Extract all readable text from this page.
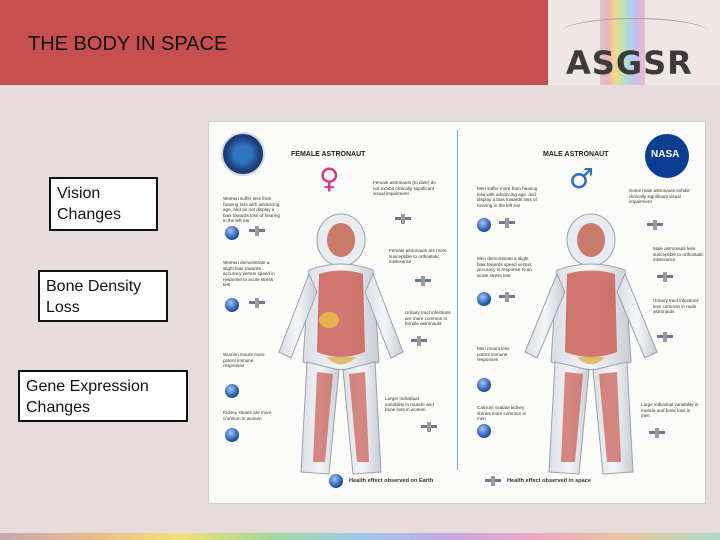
THE BODY IN SPACE	ASGSR
Vision
Changes
Bone Density
Loss
Gene Expression
Changes
NASA
FEMALE ASTRONAUT	MALE ASTRONAUT
♀	♂
Women suffer less from hearing loss with advancing age, and do not display a bias towards loss of hearing in the left ear
Women demonstrate a slight bias towards accuracy versus speed in response to acute stress test
Women mount more potent immune responses
Kidney stones are more common in women
Female astronauts (to date) do not exhibit clinically significant visual impairment
Female astronauts are more susceptible to orthostatic intolerance
Urinary tract infections are more common in female astronauts
Larger individual variability in muscle and bone loss in women
Men suffer more from hearing loss with advancing age, and display a bias towards loss of hearing in the left ear
Men demonstrate a slight bias towards speed versus accuracy in response to an acute stress test
Men mount less potent immune responses
Calcium oxalate kidney stones more common in men
Some male astronauts exhibit clinically significant visual impairment
Male astronauts less susceptible to orthostatic intolerance
Urinary tract infections less common in male astronauts
Large individual variability in muscle and bone loss in men
Health effect observed on Earth	Health effect observed in space
